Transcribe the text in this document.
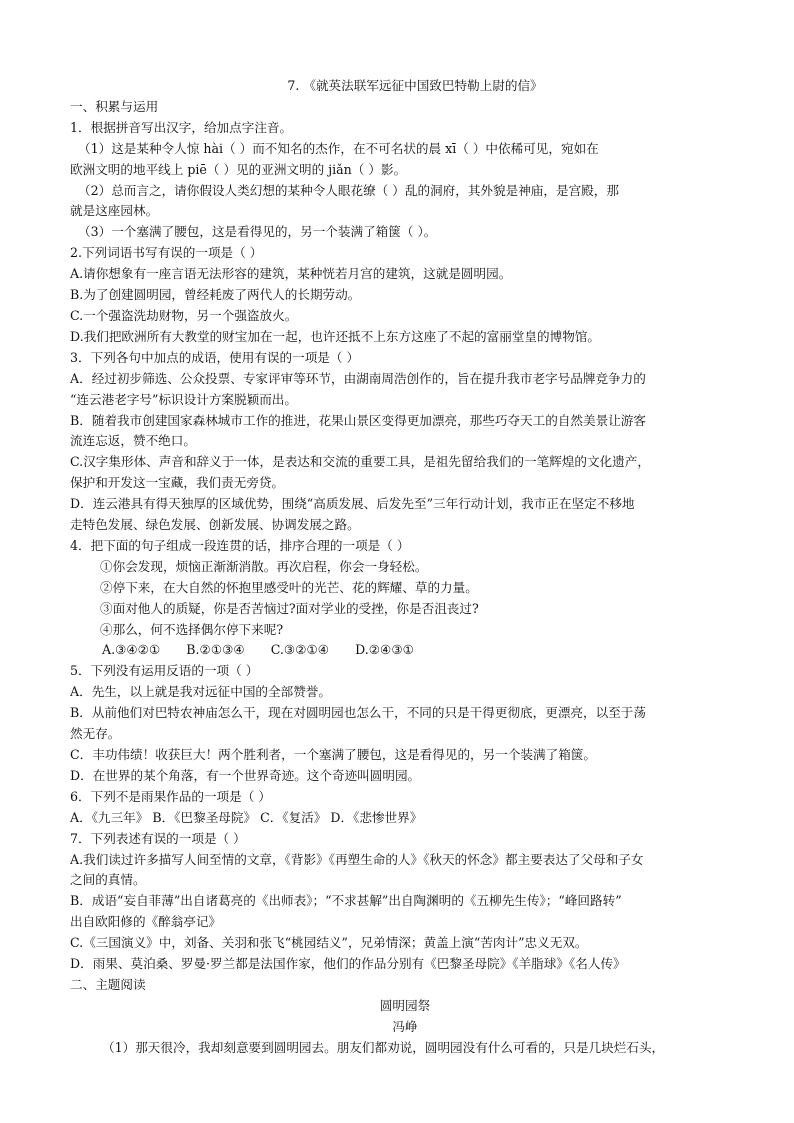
7. 《就英法联军远征中国致巴特勒上尉的信》
一、积累与运用
1．根据拼音写出汉字，给加点字注音。
（1）这是某种令人惊 hài（ ）而不知名的杰作，在不可名状的晨 xī（ ）中依稀可见，宛如在
欧洲文明的地平线上 piē（ ）见的亚洲文明的 jiǎn（ ）影。
（2）总而言之，请你假设人类幻想的某种令人眼花缭（ ）乱的洞府，其外貌是神庙，是宫殿，那
就是这座园林。
（3）一个塞满了腰包，这是看得见的，另一个装满了箱箧（ ）。
2.下列词语书写有误的一项是（ ）
A.请你想象有一座言语无法形容的建筑，某种恍若月宫的建筑，这就是圆明园。
B.为了创建圆明园，曾经耗废了两代人的长期劳动。
C.一个强盗洗劫财物，另一个强盗放火。
D.我们把欧洲所有大教堂的财宝加在一起，也许还抵不上东方这座了不起的富丽堂皇的博物馆。
3．下列各句中加点的成语，使用有误的一项是（ ）
A．经过初步筛选、公众投票、专家评审等环节，由湖南周浩创作的，旨在提升我市老字号品牌竞争力的
“连云港老字号”标识设计方案脱颖而出。
B．随着我市创建国家森林城市工作的推进，花果山景区变得更加漂亮，那些巧夺天工的自然美景让游客
流连忘返，赞不绝口。
C.汉字集形体、声音和辞义于一体，是表达和交流的重要工具，是祖先留给我们的一笔辉煌的文化遗产，
保护和开发这一宝藏，我们责无旁贷。
D．连云港具有得天独厚的区域优势，围绕“高质发展、后发先至”三年行动计划，我市正在坚定不移地
走特色发展、绿色发展、创新发展、协调发展之路。
4．把下面的句子组成一段连贯的话，排序合理的一项是（ ）
①你会发现，烦恼正渐渐消散。再次启程，你会一身轻松。
②停下来，在大自然的怀抱里感受叶的光芒、花的辉耀、草的力量。
③面对他人的质疑，你是否苦恼过?面对学业的受挫，你是否沮丧过?
④那么，何不选择偶尔停下来呢?
A.③④②① B.②①③④ C.③②①④ D.②④③①
5．下列没有运用反语的一项（ ）
A．先生，以上就是我对远征中国的全部赞誉。
B．从前他们对巴特农神庙怎么干，现在对圆明园也怎么干，不同的只是干得更彻底，更漂亮，以至于荡
然无存。
C．丰功伟绩！收获巨大！两个胜利者，一个塞满了腰包，这是看得见的，另一个装满了箱箧。
D．在世界的某个角落，有一个世界奇迹。这个奇迹叫圆明园。
6．下列不是雨果作品的一项是（ ）
A．《九三年》 B．《巴黎圣母院》 C．《复活》 D．《悲惨世界》
7．下列表述有误的一项是（ ）
A.我们读过许多描写人间至情的文章，《背影》《再塑生命的人》《秋天的怀念》都主要表达了父母和子女
之间的真情。
B．成语“妄自菲薄”出自诸葛亮的《出师表》；“不求甚解”出自陶渊明的《五柳先生传》；“峰回路转”
出自欧阳修的《醉翁亭记》
C.《三国演义》中，刘备、关羽和张飞“桃园结义”，兄弟情深；黄盖上演“苦肉计”忠义无双。
D．雨果、莫泊桑、罗曼·罗兰都是法国作家，他们的作品分别有《巴黎圣母院》《羊脂球》《名人传》
二、主题阅读
圆明园祭
冯峥
（1）那天很冷，我却刻意要到圆明园去。朋友们都劝说，圆明园没有什么可看的，只是几块烂石头，
